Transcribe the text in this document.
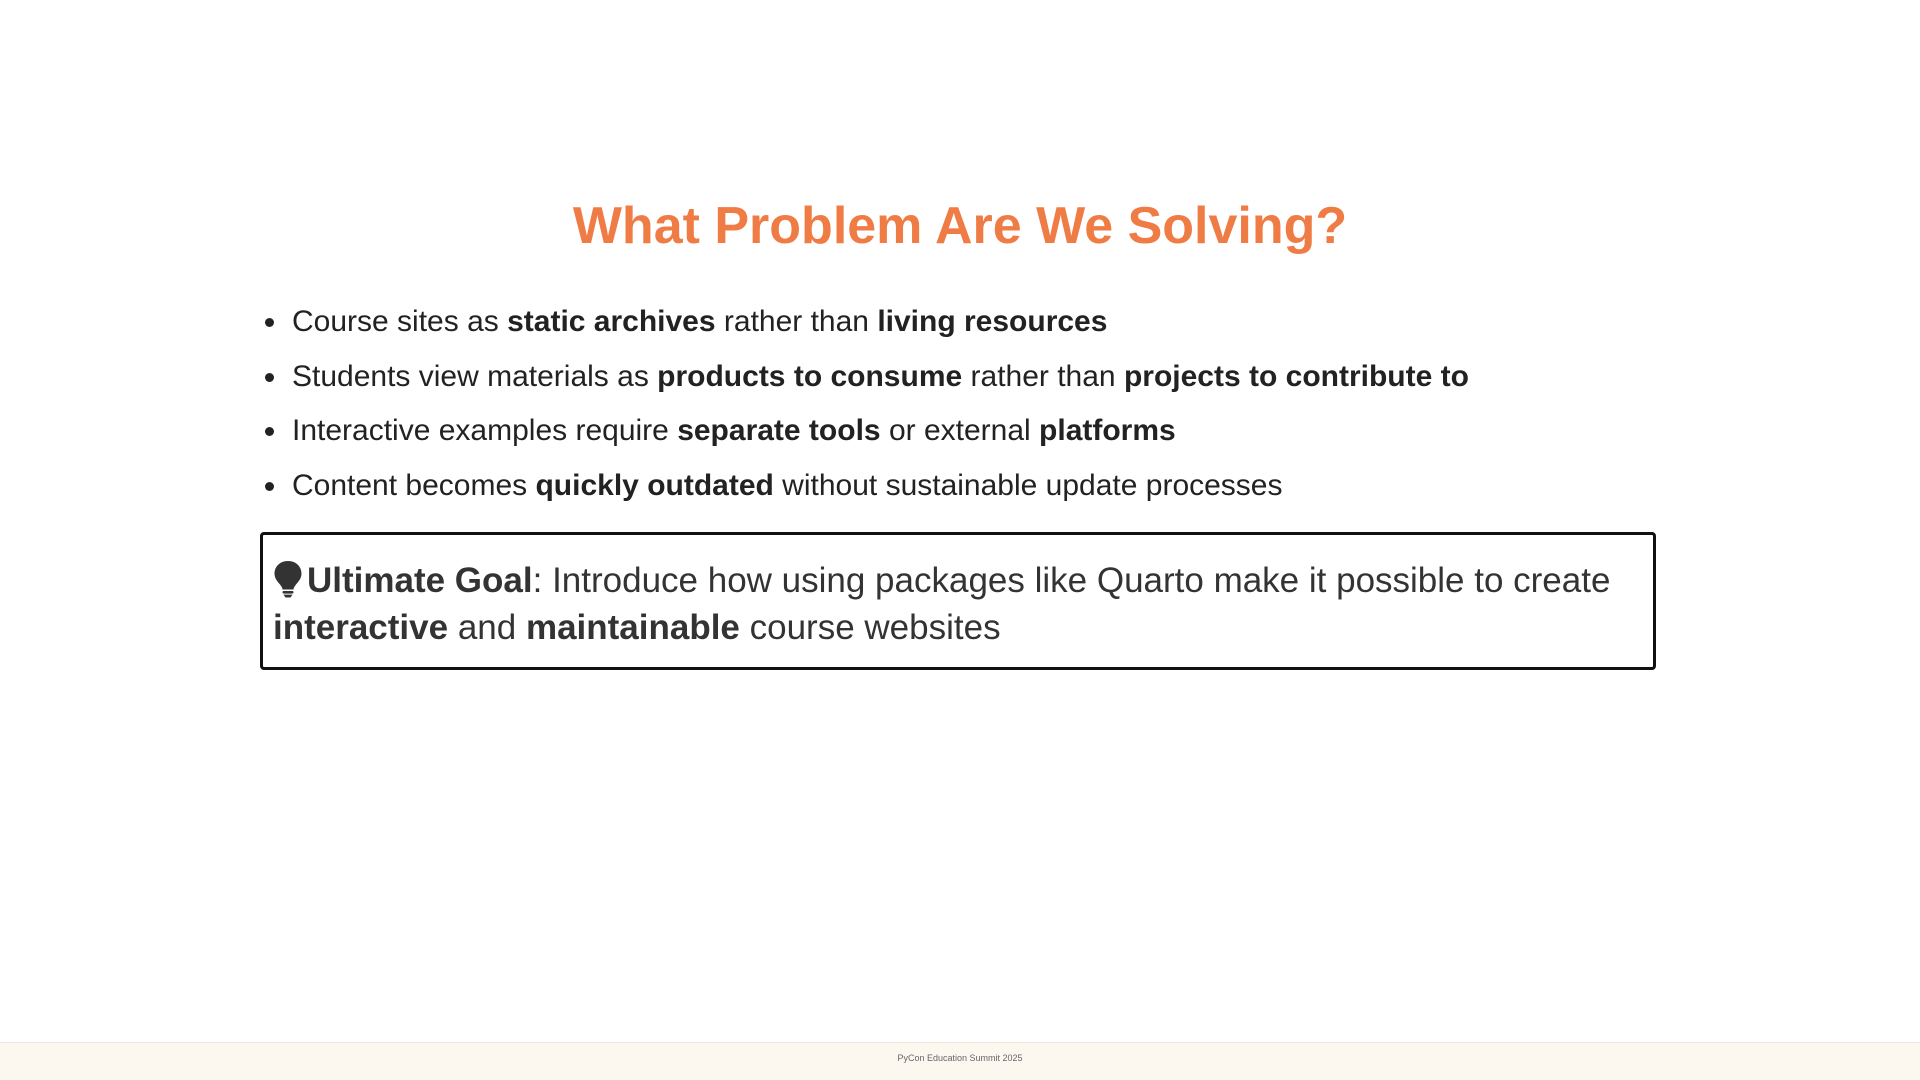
What Problem Are We Solving?
Course sites as static archives rather than living resources
Students view materials as products to consume rather than projects to contribute to
Interactive examples require separate tools or external platforms
Content becomes quickly outdated without sustainable update processes
Ultimate Goal: Introduce how using packages like Quarto make it possible to create
interactive and maintainable course websites
PyCon Education Summit 2025
